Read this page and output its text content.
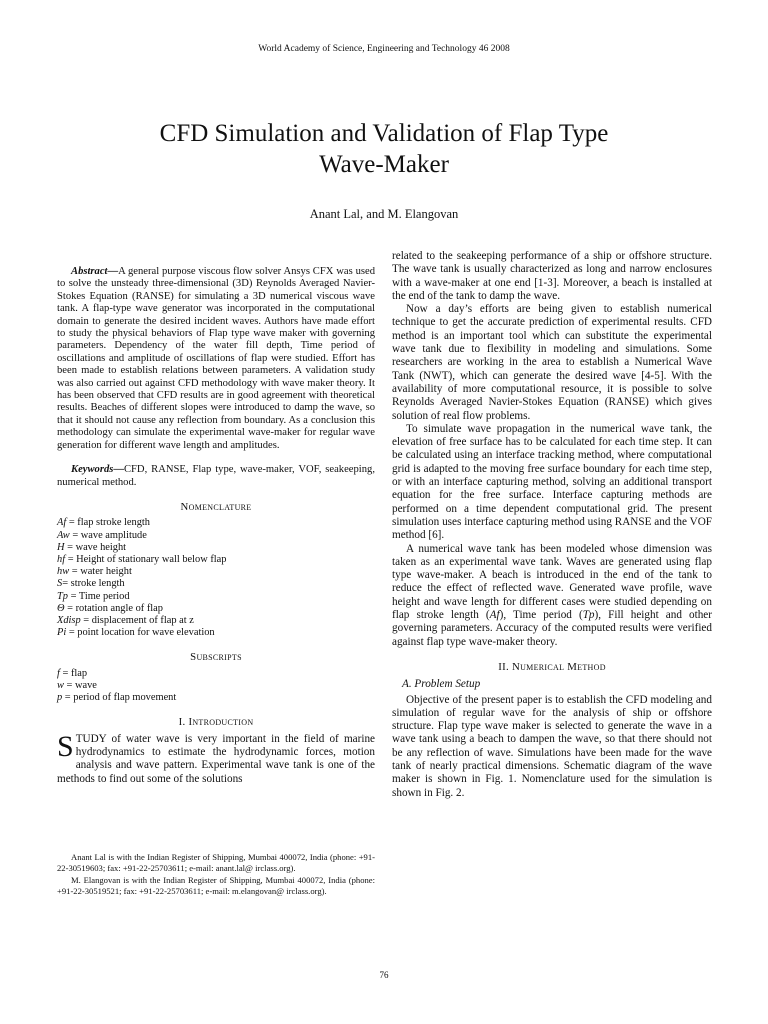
World Academy of Science, Engineering and Technology 46 2008
CFD Simulation and Validation of Flap Type
Wave-Maker
Anant Lal, and M. Elangovan

Abstract—A general purpose viscous flow solver Ansys CFX was used to solve the unsteady three-dimensional (3D) Reynolds Averaged Navier-Stokes Equation (RANSE) for simulating a 3D numerical viscous wave tank. A flap-type wave generator was incorporated in the computational domain to generate the desired incident waves. Authors have made effort to study the physical behaviors of Flap type wave maker with governing parameters. Dependency of the water fill depth, Time period of oscillations and amplitude of oscillations of flap were studied. Effort has been made to establish relations between parameters. A validation study was also carried out against CFD methodology with wave maker theory. It has been observed that CFD results are in good agreement with theoretical results. Beaches of different slopes were introduced to damp the wave, so that it should not cause any reflection from boundary. As a conclusion this methodology can simulate the experimental wave-maker for regular wave generation for different wave length and amplitudes.

Keywords—CFD, RANSE, Flap type, wave-maker, VOF, seakeeping, numerical method.

Nomenclature
Af = flap stroke length
Aw = wave amplitude
H = wave height
hf = Height of stationary wall below flap
hw = water height
S= stroke length
Tp = Time period
Θ = rotation angle of flap
Xdisp = displacement of flap at z
Pi = point location for wave elevation
Subscripts
f = flap
w = wave
p = period of flap movement
I. Introduction

STUDY of water wave is very important in the field of marine hydrodynamics to estimate the hydrodynamic forces, motion analysis and wave pattern. Experimental wave tank is one of the methods to find out some of the solutions

Anant Lal is with the Indian Register of Shipping, Mumbai 400072, India (phone: +91-22-30519603; fax: +91-22-25703611; e-mail: anant.lal@ irclass.org).

M. Elangovan is with the Indian Register of Shipping, Mumbai 400072, India (phone: +91-22-30519521; fax: +91-22-25703611; e-mail: m.elangovan@ irclass.org).

related to the seakeeping performance of a ship or offshore structure. The wave tank is usually characterized as long and narrow enclosures with a wave-maker at one end [1-3]. Moreover, a beach is installed at the end of the tank to damp the wave.

Now a day’s efforts are being given to establish numerical technique to get the accurate prediction of experimental results. CFD method is an important tool which can substitute the experimental wave tank due to flexibility in modeling and simulations. Some researchers are working in the area to establish a Numerical Wave Tank (NWT), which can generate the desired wave [4-5]. With the availability of more computational resource, it is possible to solve Reynolds Averaged Navier-Stokes Equation (RANSE) which gives solution of real flow problems.

To simulate wave propagation in the numerical wave tank, the elevation of free surface has to be calculated for each time step. It can be calculated using an interface tracking method, where computational grid is adapted to the moving free surface boundary for each time step, or with an interface capturing method, solving an additional transport equation for the free surface. Interface capturing methods are performed on a time dependent computational grid. The present simulation uses interface capturing method using RANSE and the VOF method [6].

A numerical wave tank has been modeled whose dimension was taken as an experimental wave tank. Waves are generated using flap type wave-maker. A beach is introduced in the end of the tank to reduce the effect of reflected wave. Generated wave profile, wave height and wave length for different cases were studied depending on flap stroke length (Af), Time period (Tp), Fill height and other governing parameters. Accuracy of the computed results were verified against flap type wave-maker theory.

II. Numerical Method
A. Problem Setup

Objective of the present paper is to establish the CFD modeling and simulation of regular wave for the analysis of ship or offshore structure. Flap type wave maker is selected to generate the wave in a wave tank using a beach to dampen the wave, so that there should not be any reflection of wave. Simulations have been made for the wave tank of nearly practical dimensions. Schematic diagram of the wave maker is shown in Fig. 1. Nomenclature used for the simulation is shown in Fig. 2.

76
